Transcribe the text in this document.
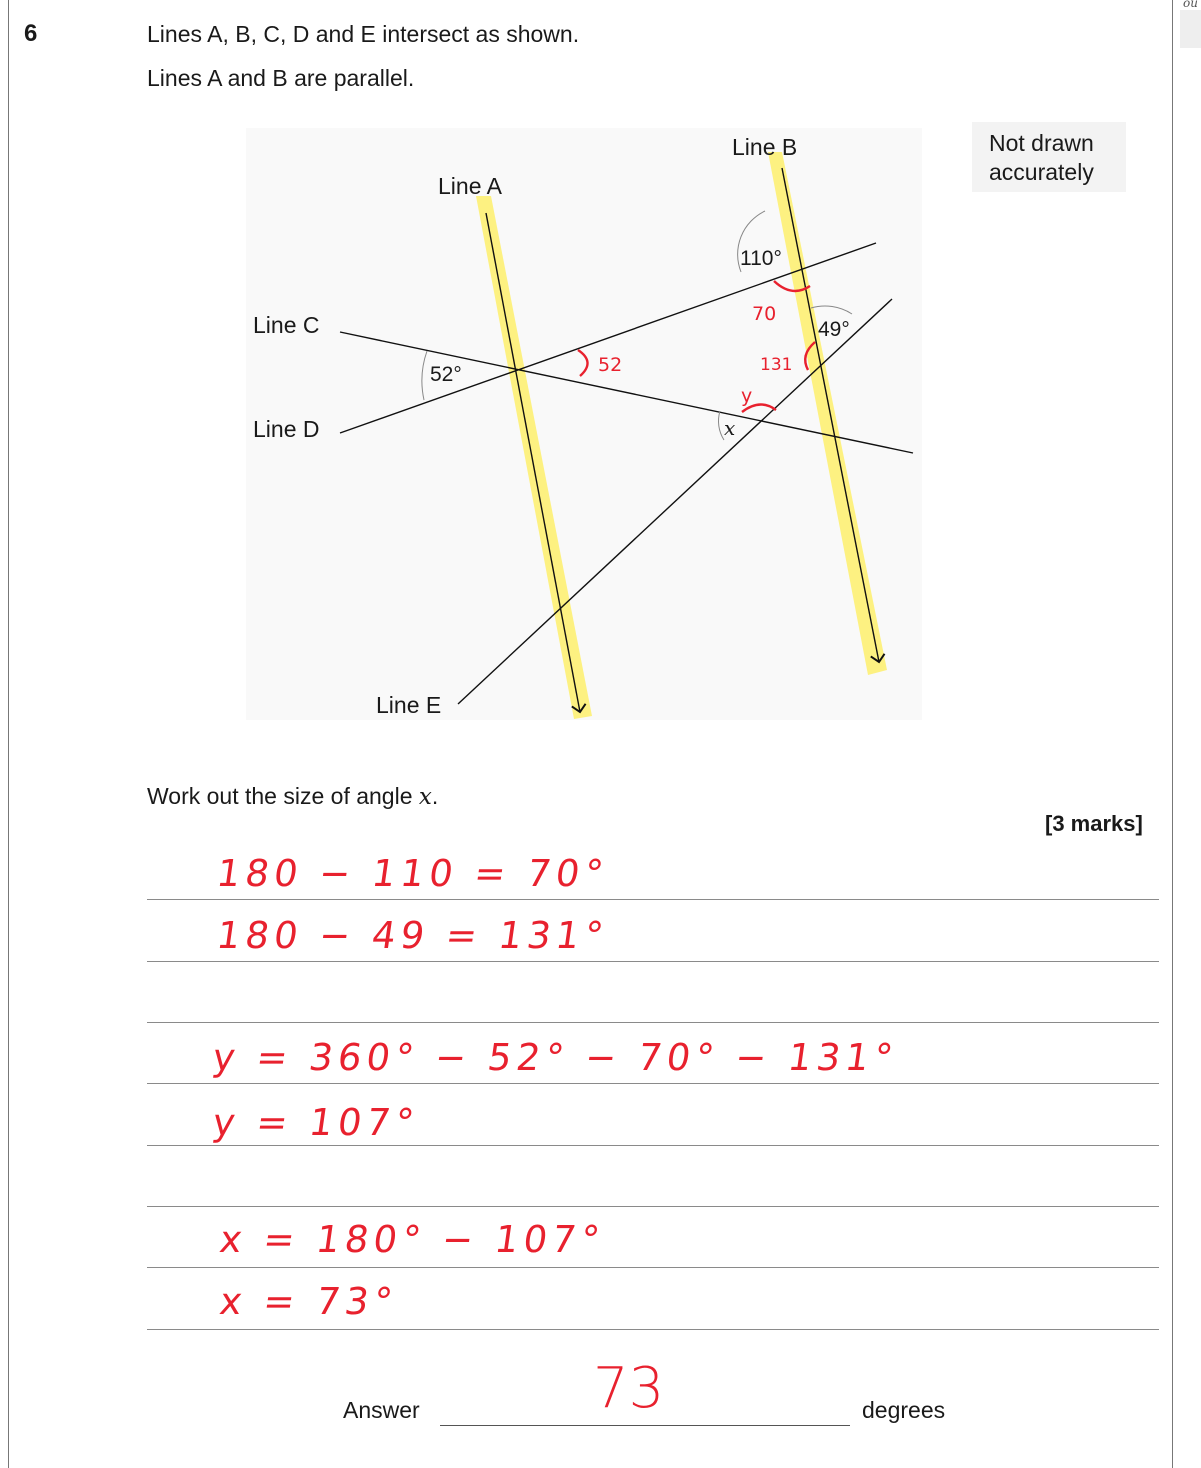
ou
6	Lines A, B, C, D and E intersect as shown.
Lines A and B are parallel.
Line A
Line B
Line C
Line D
Line E
52°
110°
49°
x
52
70
131
y
Not drawn
accurately
Work out the size of angle x.
[3 marks]
180 − 110 = 70°
180 − 49 = 131°
y = 360° − 52° − 70° − 131°
y = 107°
x = 180° − 107°
x = 73°
Answer	73	degrees
